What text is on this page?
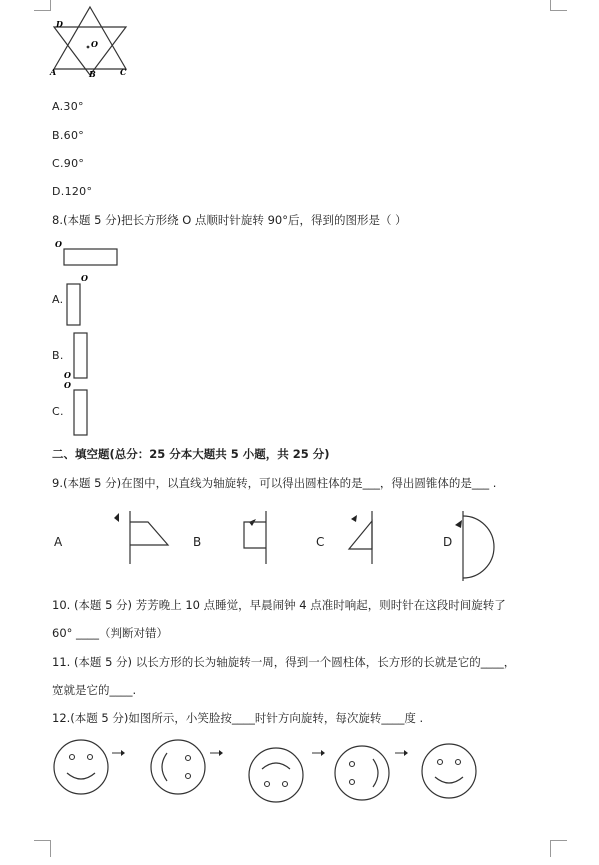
D
O
A	B	C
A.30°
B.60°
C.90°
D.120°
8.(本题 5 分)把长方形绕 O 点顺时针旋转 90°后，得到的图形是（ ）
O
A.
O
B.
O
C.
O
二、填空题(总分：25 分本大题共 5 小题，共 25 分)
9.(本题 5 分)在图中，以直线为轴旋转，可以得出圆柱体的是___，得出圆锥体的是___ .
A	B	C	D
10. (本题 5 分) 芳芳晚上 10 点睡觉，早晨闹钟 4 点准时响起，则时针在这段时间旋转了
60° ____（判断对错）
11. (本题 5 分) 以长方形的长为轴旋转一周，得到一个圆柱体，长方形的长就是它的____，
宽就是它的____.
12.(本题 5 分)如图所示，小笑脸按____时针方向旋转，每次旋转____度 .
